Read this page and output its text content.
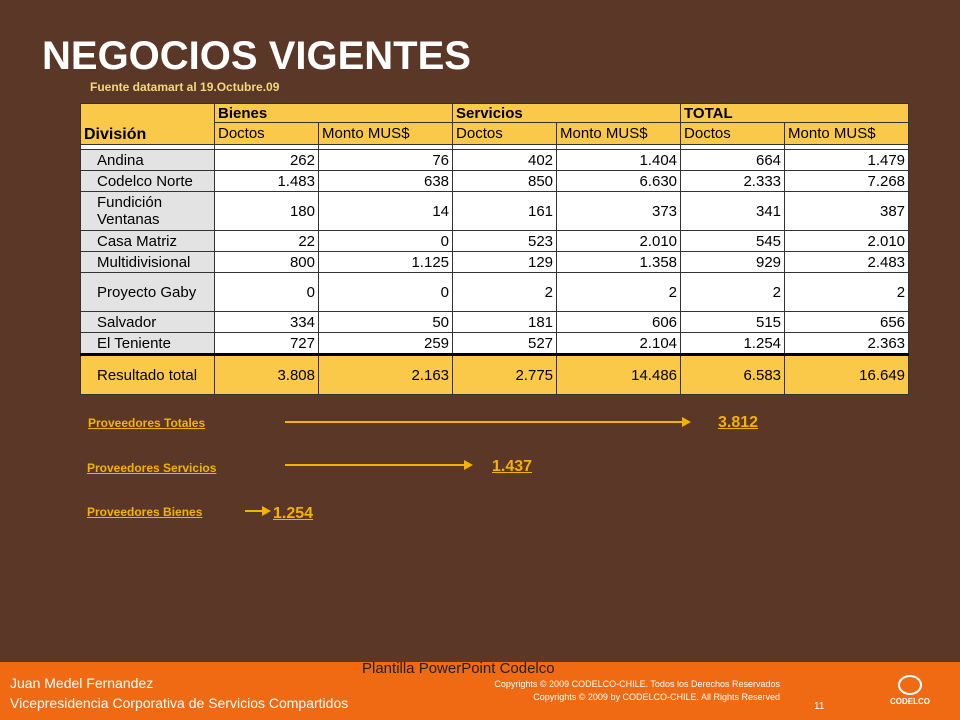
NEGOCIOS VIGENTES
Fuente datamart al 19.Octubre.09
División	Bienes		Servicios		TOTAL	
	Doctos	Monto MUS$	Doctos	Monto MUS$	Doctos	Monto MUS$

Andina	262	76	402	1.404	664	1.479
Codelco Norte	1.483	638	850	6.630	2.333	7.268
Fundición Ventanas	180	14	161	373	341	387
Casa Matriz	22	0	523	2.010	545	2.010
Multidivisional	800	1.125	129	1.358	929	2.483
Proyecto Gaby	0	0	2	2	2	2
Salvador	334	50	181	606	515	656
El Teniente	727	259	527	2.104	1.254	2.363
Resultado total	3.808	2.163	2.775	14.486	6.583	16.649
Proveedores Totales	3.812
Proveedores Servicios	1.437
Proveedores Bienes	1.254
Juan Medel Fernandez
Vicepresidencia Corporativa de Servicios Compartidos
Plantilla PowerPoint Codelco
Copyrights © 2009 CODELCO-CHILE. Todos los Derechos Reservados
Copyrights © 2009 by CODELCO-CHILE. All Rights Reserved
11	CODELCO
